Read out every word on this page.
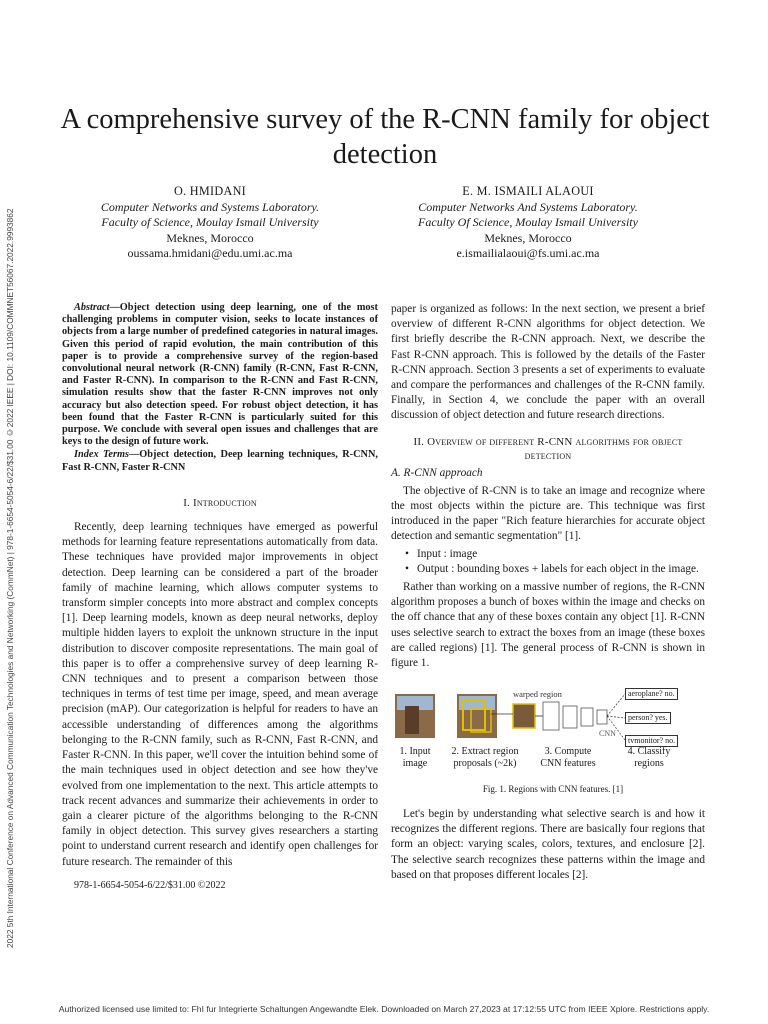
2022 5th International Conference on Advanced Communication Technologies and Networking (CommNet) | 978-1-6654-5054-6/22/$31.00 ©2022 IEEE | DOI: 10.1109/COMMNET56067.2022.9993862
A comprehensive survey of the R-CNN family for object detection
O. HMIDANI
Computer Networks and Systems Laboratory.
Faculty of Science, Moulay Ismail University
Meknes, Morocco
oussama.hmidani@edu.umi.ac.ma
E. M. ISMAILI ALAOUI
Computer Networks And Systems Laboratory.
Faculty Of Science, Moulay Ismail University
Meknes, Morocco
e.ismailialaoui@fs.umi.ac.ma

Abstract—Object detection using deep learning, one of the most challenging problems in computer vision, seeks to locate instances of objects from a large number of predefined categories in natural images. Given this period of rapid evolution, the main contribution of this paper is to provide a comprehensive survey of the region-based convolutional neural network (R-CNN) family (R-CNN, Fast R-CNN, and Faster R-CNN). In comparison to the R-CNN and Fast R-CNN, simulation results show that the faster R-CNN improves not only accuracy but also detection speed. For robust object detection, it has been found that the Faster R-CNN is particularly suited for this purpose. We conclude with several open issues and challenges that are keys to the design of future work.

Index Terms—Object detection, Deep learning techniques, R-CNN, Fast R-CNN, Faster R-CNN

I. Introduction

Recently, deep learning techniques have emerged as powerful methods for learning feature representations automatically from data. These techniques have provided major improvements in object detection. Deep learning can be considered a part of the broader family of machine learning, which allows computer systems to transform simpler concepts into more abstract and complex concepts [1]. Deep learning models, known as deep neural networks, deploy multiple hidden layers to exploit the unknown structure in the input distribution to discover composite representations. The main goal of this paper is to offer a comprehensive survey of deep learning R-CNN techniques and to present a comparison between those techniques in terms of test time per image, speed, and mean average precision (mAP). Our categorization is helpful for readers to have an accessible understanding of differences among the algorithms belonging to the R-CNN family, such as R-CNN, Fast R-CNN, and Faster R-CNN. In this paper, we'll cover the intuition behind some of the main techniques used in object detection and see how they've evolved from one implementation to the next. This article attempts to track recent advances and summarize their achievements in order to gain a clearer picture of the algorithms belonging to the R-CNN family in object detection. This survey gives researchers a starting point to understand current research and identify open challenges for future research. The remainder of this

978-1-6654-5054-6/22/$31.00 ©2022

paper is organized as follows: In the next section, we present a brief overview of different R-CNN algorithms for object detection. We first briefly describe the R-CNN approach. Next, we describe the Fast R-CNN approach. This is followed by the details of the Faster R-CNN approach. Section 3 presents a set of experiments to evaluate and compare the performances and challenges of the R-CNN family. Finally, in Section 4, we conclude the paper with an overall discussion of object detection and future research directions.

II. Overview of different R-CNN algorithms for object detection

A. R-CNN approach

The objective of R-CNN is to take an image and recognize where the most objects within the picture are. This technique was first introduced in the paper "Rich feature hierarchies for accurate object detection and semantic segmentation" [1].

• Input : image
• Output : bounding boxes + labels for each object in the image.

Rather than working on a massive number of regions, the R-CNN algorithm proposes a bunch of boxes within the image and checks on the off chance that any of these boxes contain any object [1]. R-CNN uses selective search to extract the boxes from an image (these boxes are called regions) [1]. The general process of R-CNN is shown in figure 1.

warped region
CNN
aeroplane? no.
person? yes.
tvmonitor? no.
1. Input
image
2. Extract region
proposals (~2k)
3. Compute
CNN features
4. Classify
regions
Fig. 1. Regions with CNN features. [1]

Let's begin by understanding what selective search is and how it recognizes the different regions. There are basically four regions that form an object: varying scales, colors, textures, and enclosure [2]. The selective search recognizes these patterns within the image and based on that proposes different locales [2].

Authorized licensed use limited to: FhI fur Integrierte Schaltungen Angewandte Elek. Downloaded on March 27,2023 at 17:12:55 UTC from IEEE Xplore. Restrictions apply.
